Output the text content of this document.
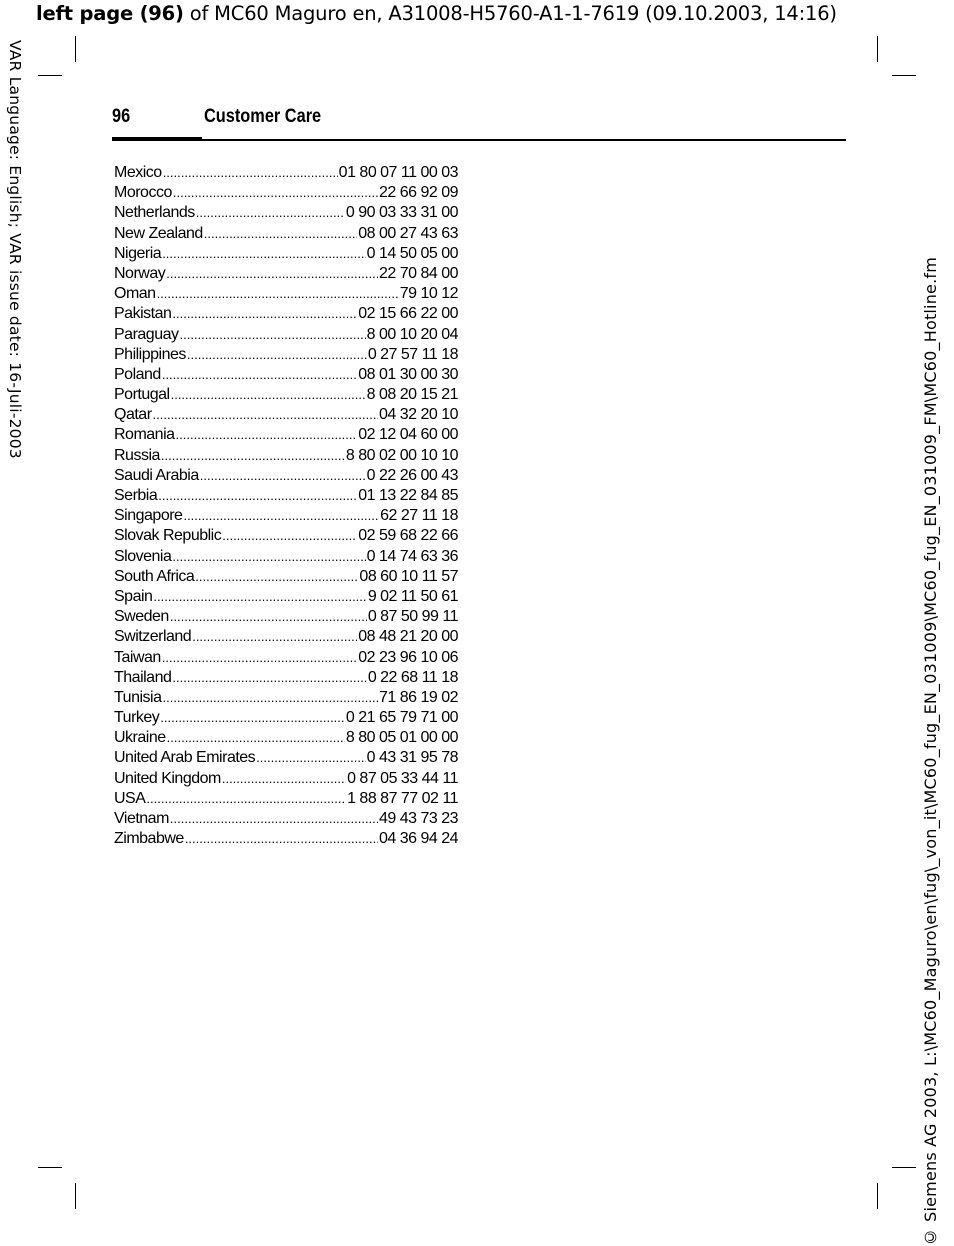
left page (96) of MC60 Maguro en, A31008-H5760-A1-1-7619 (09.10.2003, 14:16)
VAR Language: English; VAR issue date: 16-Juli-2003
© Siemens AG 2003, L:\MC60_Maguro\en\fug\_von_it\MC60_fug_EN_031009\MC60_fug_EN_031009_FM\MC60_Hotline.fm
96	Customer Care
Mexico .....	01 80 07 11 00 03
Morocco .....	22 66 92 09
Netherlands .....	0 90 03 33 31 00
New Zealand .....	08 00 27 43 63
Nigeria .....	0 14 50 05 00
Norway .....	22 70 84 00
Oman .....	79 10 12
Pakistan .....	02 15 66 22 00
Paraguay .....	8 00 10 20 04
Philippines .....	0 27 57 11 18
Poland .....	08 01 30 00 30
Portugal .....	8 08 20 15 21
Qatar .....	04 32 20 10
Romania .....	02 12 04 60 00
Russia .....	8 80 02 00 10 10
Saudi Arabia .....	0 22 26 00 43
Serbia .....	01 13 22 84 85
Singapore .....	62 27 11 18
Slovak Republic .....	02 59 68 22 66
Slovenia .....	0 14 74 63 36
South Africa .....	08 60 10 11 57
Spain .....	9 02 11 50 61
Sweden .....	0 87 50 99 11
Switzerland .....	08 48 21 20 00
Taiwan .....	02 23 96 10 06
Thailand .....	0 22 68 11 18
Tunisia .....	71 86 19 02
Turkey .....	0 21 65 79 71 00
Ukraine .....	8 80 05 01 00 00
United Arab Emirates .....	0 43 31 95 78
United Kingdom .....	0 87 05 33 44 11
USA .....	1 88 87 77 02 11
Vietnam .....	49 43 73 23
Zimbabwe .....	04 36 94 24
